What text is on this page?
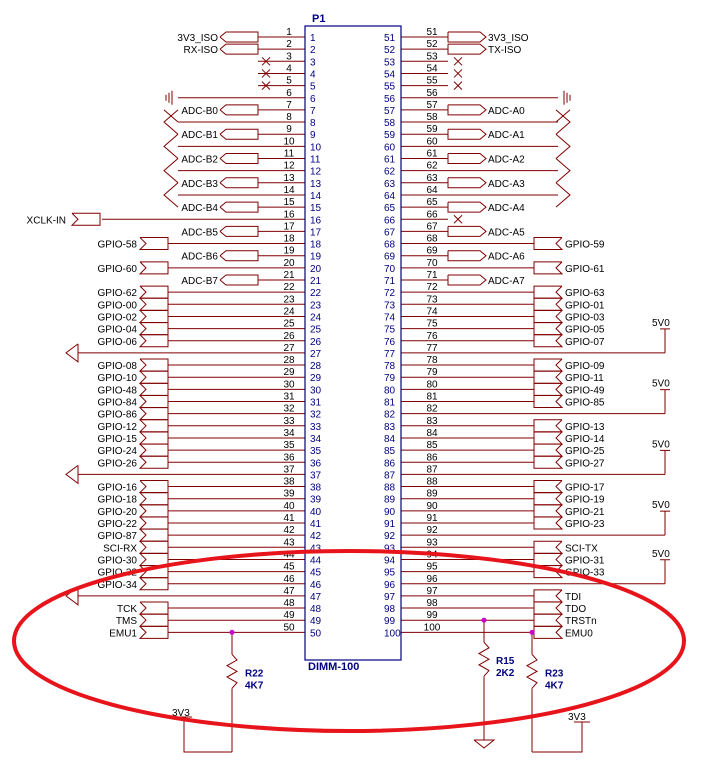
P1
DIMM-100
1
1
3V3_ISO
2
2
RX-ISO
3
3
4
4
5
5
6
6
7
7
ADC-B0
8
8
9
9
ADC-B1
10
10
11
11
ADC-B2
12
12
13
13
ADC-B3
14
14
15
15
ADC-B4
16
16
XCLK-IN
17
17
ADC-B5
18
18
GPIO-58
19
19
ADC-B6
20
20
GPIO-60
21
21
ADC-B7
22
22
GPIO-62
23
23
GPIO-00
24
24
GPIO-02
25
25
GPIO-04
26
26
GPIO-06
27
27
28
28
GPIO-08
29
29
GPIO-10
30
30
GPIO-48
31
31
GPIO-84
32
32
GPIO-86
33
33
GPIO-12
34
34
GPIO-15
35
35
GPIO-24
36
36
GPIO-26
37
37
38
38
GPIO-16
39
39
GPIO-18
40
40
GPIO-20
41
41
GPIO-22
42
42
GPIO-87
43
43
SCI-RX
44
44
GPIO-30
45
45
GPIO-32
46
46
GPIO-34
47
47
48
48
TCK
49
49
TMS
50
50
EMU1
51
51
3V3_ISO
52
52
TX-ISO
53
53
54
54
55
55
56
56
57
57
ADC-A0
58
58
59
59
ADC-A1
60
60
61
61
ADC-A2
62
62
63
63
ADC-A3
64
64
65
65
ADC-A4
66
66
67
67
ADC-A5
68
68
GPIO-59
69
69
ADC-A6
70
70
GPIO-61
71
71
ADC-A7
72
72
GPIO-63
73
73
GPIO-01
74
74
GPIO-03
75
75
GPIO-05
76
76
GPIO-07
77
77
78
78
GPIO-09
79
79
GPIO-11
80
80
GPIO-49
81
81
GPIO-85
82
82
83
83
GPIO-13
84
84
GPIO-14
85
85
GPIO-25
86
86
GPIO-27
87
87
88
88
GPIO-17
89
89
GPIO-19
90
90
GPIO-21
91
91
GPIO-23
92
92
93
93
SCI-TX
94
94
GPIO-31
95
95
GPIO-33
96
96
97
97
TDI
98
98
TDO
99
99
TRSTn
100
100
EMU0
5V0
5V0
5V0
5V0
5V0
R22
4K7
R15
2K2	R23
4K7
3V3	3V3
